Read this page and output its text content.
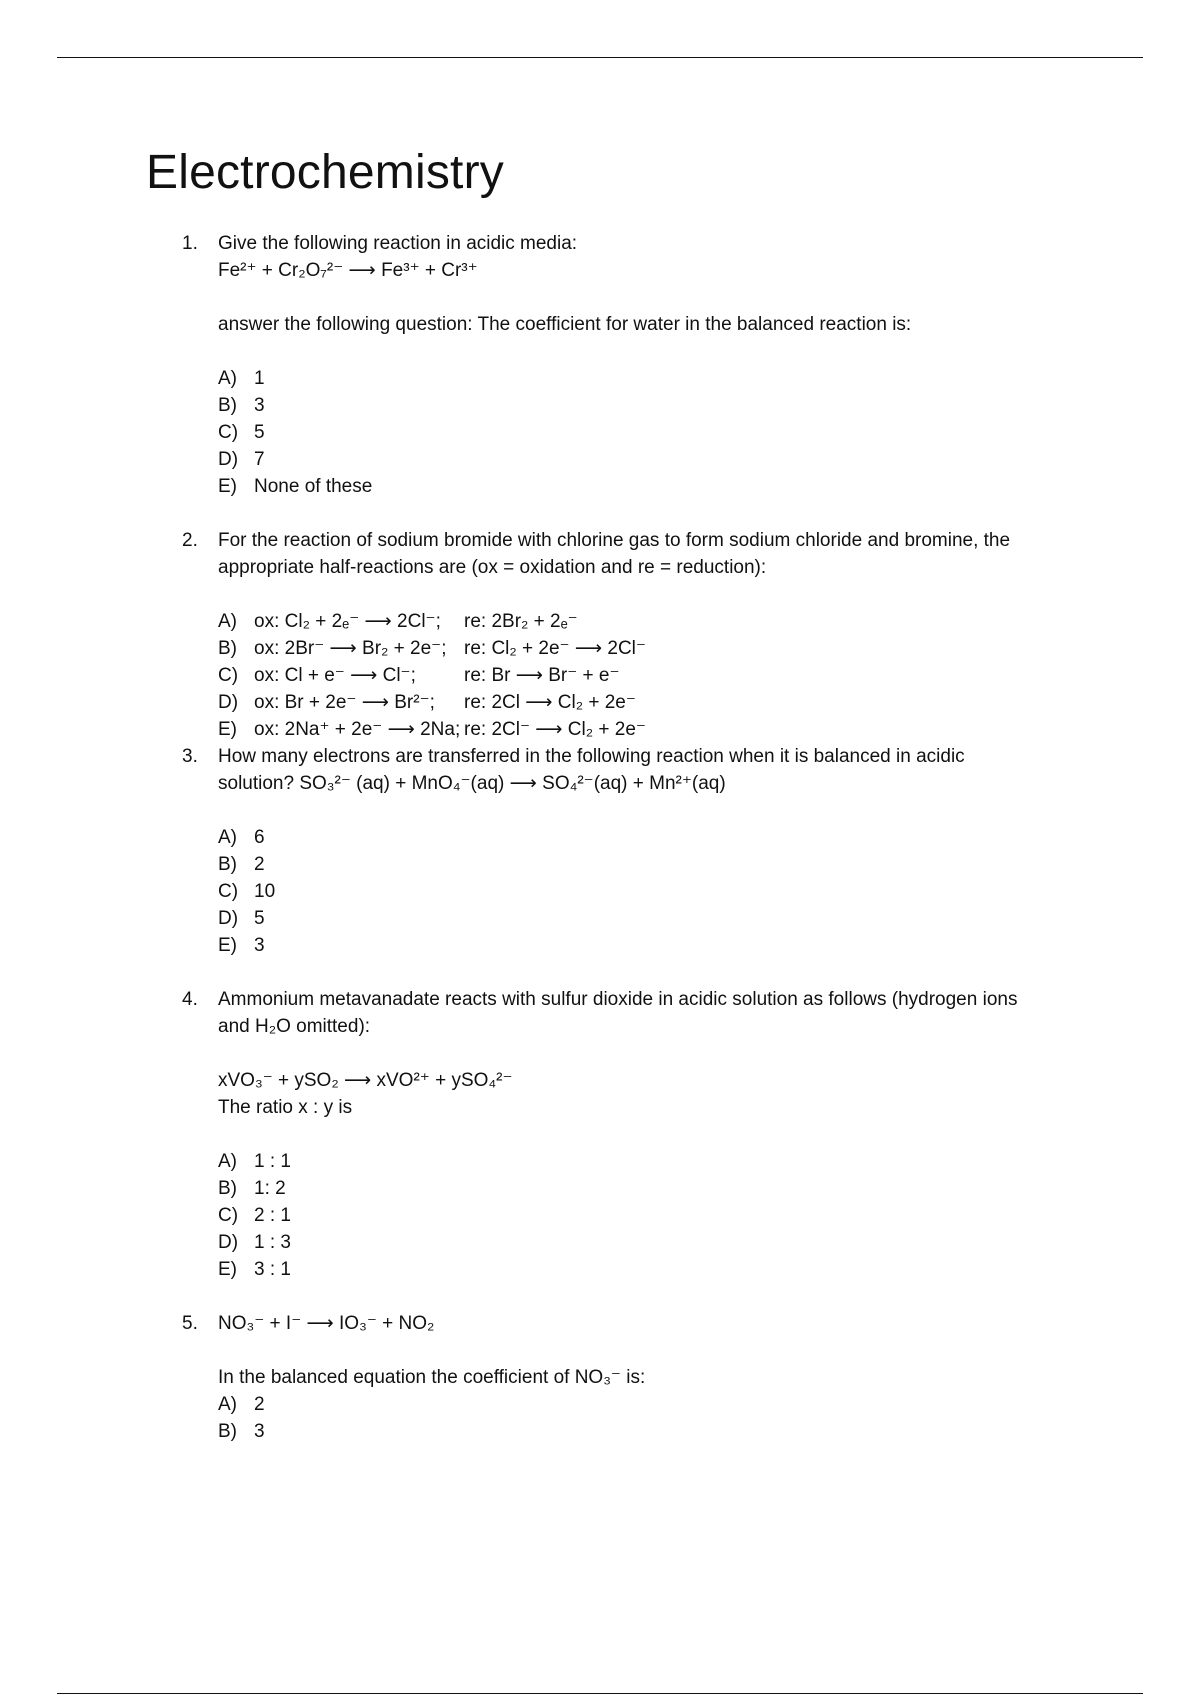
Electrochemistry
1. Give the following reaction in acidic media:
Fe²⁺ + Cr₂O₇²⁻ ⟶ Fe³⁺ + Cr³⁺
answer the following question: The coefficient for water in the balanced reaction is:
A) 1
B) 3
C) 5
D) 7
E) None of these
2. For the reaction of sodium bromide with chlorine gas to form sodium chloride and bromine, the
appropriate half-reactions are (ox = oxidation and re = reduction):
A) ox: Cl₂ + 2ₑ⁻ ⟶ 2Cl⁻; re: 2Br₂ + 2ₑ⁻
B) ox: 2Br⁻ ⟶ Br₂ + 2e⁻; re: Cl₂ + 2e⁻ ⟶ 2Cl⁻
C) ox: Cl + e⁻ ⟶ Cl⁻;	re: Br ⟶ Br⁻ + e⁻
D) ox: Br + 2e⁻ ⟶ Br²⁻; re: 2Cl ⟶ Cl₂ + 2e⁻
E) ox: 2Na⁺ + 2e⁻ ⟶ 2Na; re: 2Cl⁻ ⟶ Cl₂ + 2e⁻
3. How many electrons are transferred in the following reaction when it is balanced in acidic
solution? SO₃²⁻ (aq) + MnO₄⁻(aq) ⟶ SO₄²⁻(aq) + Mn²⁺(aq)
A) 6
B) 2
C) 10
D) 5
E) 3
4. Ammonium metavanadate reacts with sulfur dioxide in acidic solution as follows (hydrogen ions
and H₂O omitted):
xVO₃⁻ + ySO₂ ⟶ xVO²⁺ + ySO₄²⁻
The ratio x : y is
A) 1 : 1
B) 1: 2
C) 2 : 1
D) 1 : 3
E) 3 : 1
5. NO₃⁻ + I⁻ ⟶ IO₃⁻ + NO₂
In the balanced equation the coefficient of NO₃⁻ is:
A) 2
B) 3
